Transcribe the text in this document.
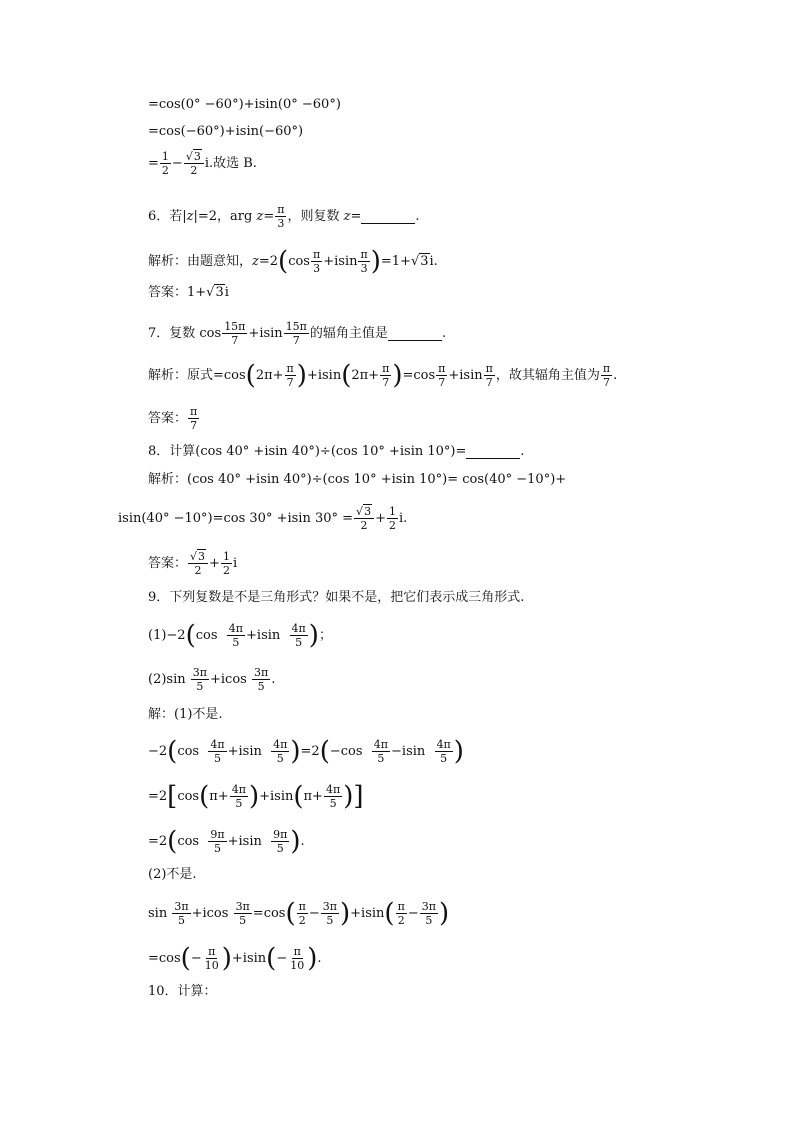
=cos(0° −60°)+isin(0° −60°)
=cos(−60°)+isin(−60°)
= $\frac{1}{2} - \frac{√3}{2} i$.故选 B.
6．若|z|=2，arg $z= \frac{\pi}{3}$ ，则复数 z=	.
解析：由题意知，$z=2(\cos \frac{\pi}{3} +isin \frac{\pi}{3} )=1+√3i$.
答案：1+√3i
7．复数 $\cos \frac{15\pi}{7} +isin \frac{15\pi}{7}$ 的辐角主值是	.
解析：原式$=\cos(2\pi+ \frac{\pi}{7} )+isin(2\pi+ \frac{\pi}{7} )=\cos \frac{\pi}{7} +isin \frac{\pi}{7}$ ，故其辐角主值为 $\frac{\pi}{7}$ .
答案： $\frac{\pi}{7}$
8．计算(cos 40° +isin 40°)÷(cos 10° +isin 10°)=	.
解析：(cos 40° +isin 40°)÷(cos 10° +isin 10°)= cos(40° −10°)+
isin(40° −10°)=cos 30° +isin $30^\circ = \frac{√3}{2} + \frac{1}{2} i$.
答案： $\frac{√3}{2} + \frac{1}{2}$ i
9．下列复数是不是三角形式？如果不是，把它们表示成三角形式.
$(1)-2(\cos \frac{4\pi}{5} +isin \frac{4\pi}{5}$ )；
$(2)\sin \frac{3\pi}{5} +icos \frac{3\pi}{5}$ .
解：(1)不是.
$-2(\cos \frac{4\pi}{5} +isin \frac{4\pi}{5} )=2(-\cos \frac{4\pi}{5} -isin \frac{4\pi}{5}$ )
$=2[\cos(\pi+ \frac{4\pi}{5} )+isin(\pi+ \frac{4\pi}{5}$ )]
$=2(\cos \frac{9\pi}{5} +isin \frac{9\pi}{5}$ ).
(2)不是.
$\sin \frac{3\pi}{5} +icos \frac{3\pi}{5} =\cos( \frac{\pi}{2} - \frac{3\pi}{5} )+isin( \frac{\pi}{2} - \frac{3\pi}{5}$ )
$=\cos(- \frac{\pi}{10} )+isin(- \frac{\pi}{10}$ ).
10．计算：
